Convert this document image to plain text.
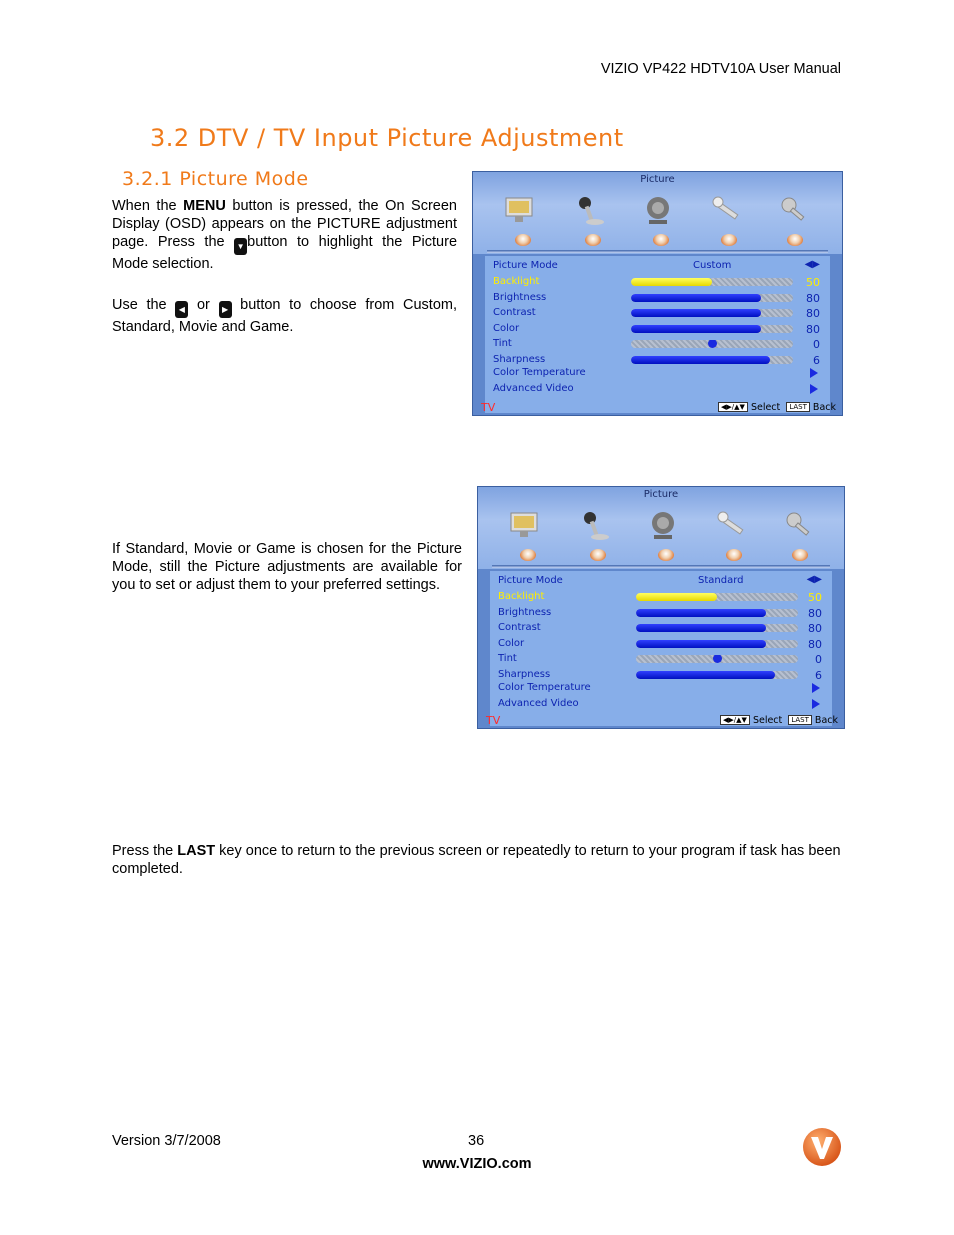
VIZIO VP422 HDTV10A User Manual
3.2 DTV / TV Input Picture Adjustment
3.2.1 Picture Mode
When the MENU button is pressed, the On Screen Display (OSD) appears on the PICTURE adjustment page. Press the ▼ button to highlight the Picture Mode selection.
Use the ◀ or ▶ button to choose from Custom, Standard, Movie and Game.
Picture
Picture Mode	Custom	◀▶
Backlight	50
Brightness	80
Contrast	80
Color	80
Tint	0
Sharpness	6
Color Temperature
Advanced Video
TV	◀▶/▲▼ Select LAST Back
If Standard, Movie or Game is chosen for the Picture Mode, still the Picture adjustments are available for you to set or adjust them to your preferred settings.
Picture
Picture Mode	Standard	◀▶
Backlight	50
Brightness	80
Contrast	80
Color	80
Tint	0
Sharpness	6
Color Temperature
Advanced Video
TV	◀▶/▲▼ Select LAST Back
Press the LAST key once to return to the previous screen or repeatedly to return to your program if task has been completed.
Version 3/7/2008	36
www.VIZIO.com
